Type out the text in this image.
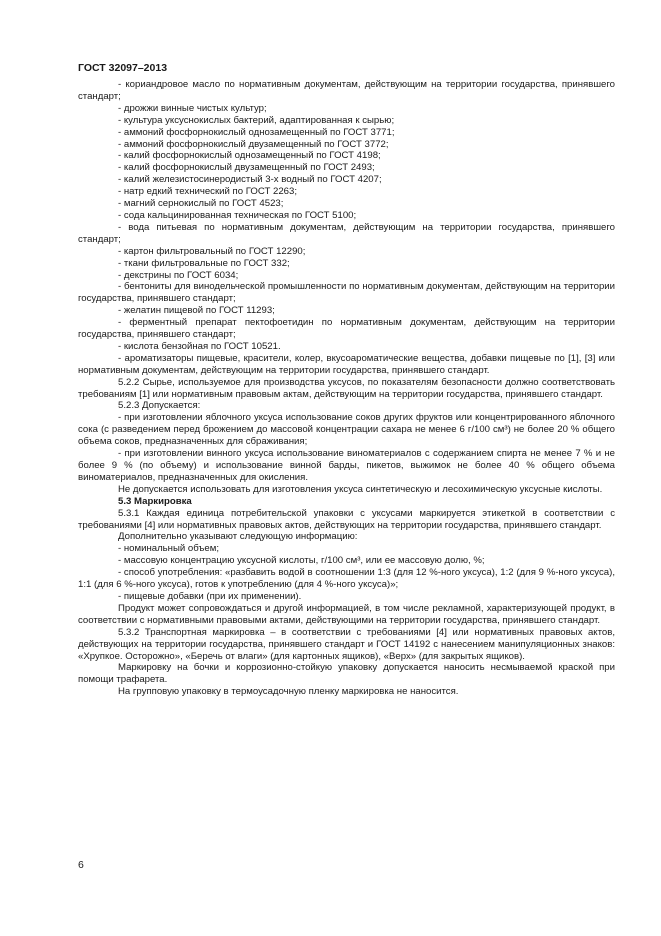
ГОСТ 32097–2013

- кориандровое масло по нормативным документам, действующим на территории государства, принявшего стандарт;

- дрожжи винные чистых культур;

- культура уксуснокислых бактерий, адаптированная к сырью;

- аммоний фосфорнокислый однозамещенный по ГОСТ 3771;

- аммоний фосфорнокислый двузамещенный по ГОСТ 3772;

- калий фосфорнокислый однозамещенный по ГОСТ 4198;

- калий фосфорнокислый двузамещенный по ГОСТ 2493;

- калий железистосинеродистый 3-х водный по ГОСТ 4207;

- натр едкий технический по ГОСТ 2263;

- магний сернокислый по ГОСТ 4523;

- сода кальцинированная техническая по ГОСТ 5100;

- вода питьевая по нормативным документам, действующим на территории государства, принявшего стандарт;

- картон фильтровальный по ГОСТ 12290;

- ткани фильтровальные по ГОСТ 332;

- декстрины по ГОСТ 6034;

- бентониты для винодельческой промышленности по нормативным документам, действующим на территории государства, принявшего стандарт;

- желатин пищевой по ГОСТ 11293;

- ферментный препарат пектофоетидин по нормативным документам, действующим на территории государства, принявшего стандарт;

- кислота бензойная по ГОСТ 10521.

- ароматизаторы пищевые, красители, колер, вкусоароматические вещества, добавки пищевые по [1], [3] или нормативным документам, действующим на территории государства, принявшего стандарт.

5.2.2 Сырье, используемое для производства уксусов, по показателям безопасности должно соответствовать требованиям [1] или нормативным правовым актам, действующим на территории государства, принявшего стандарт.

5.2.3 Допускается:

- при изготовлении яблочного уксуса использование соков других фруктов или концентрированного яблочного сока (с разведением перед брожением до массовой концентрации сахара не менее 6 г/100 см³) не более 20 % общего объема соков, предназначенных для сбраживания;

- при изготовлении винного уксуса использование виноматериалов с содержанием спирта не менее 7 % и не более 9 % (по объему) и использование винной барды, пикетов, выжимок не более 40 % общего объема виноматериалов, предназначенных для окисления.

Не допускается использовать для изготовления уксуса синтетическую и лесохимическую уксусные кислоты.

5.3 Маркировка

5.3.1 Каждая единица потребительской упаковки с уксусами маркируется этикеткой в соответствии с требованиями [4] или нормативных правовых актов, действующих на территории государства, принявшего стандарт.

Дополнительно указывают следующую информацию:

- номинальный объем;

- массовую концентрацию уксусной кислоты, г/100 см³, или ее массовую долю, %;

- способ употребления: «разбавить водой в соотношении 1:3 (для 12 %-ного уксуса), 1:2 (для 9 %-ного уксуса), 1:1 (для 6 %-ного уксуса), готов к употреблению (для 4 %-ного уксуса)»;

- пищевые добавки (при их применении).

Продукт может сопровождаться и другой информацией, в том числе рекламной, характеризующей продукт, в соответствии с нормативными правовыми актами, действующими на территории государства, принявшего стандарт.

5.3.2 Транспортная маркировка – в соответствии с требованиями [4] или нормативных правовых актов, действующих на территории государства, принявшего стандарт и ГОСТ 14192 с нанесением манипуляционных знаков: «Хрупкое. Осторожно», «Беречь от влаги» (для картонных ящиков), «Верх» (для закрытых ящиков).

Маркировку на бочки и коррозионно-стойкую упаковку допускается наносить несмываемой краской при помощи трафарета.

На групповую упаковку в термоусадочную пленку маркировка не наносится.

6
